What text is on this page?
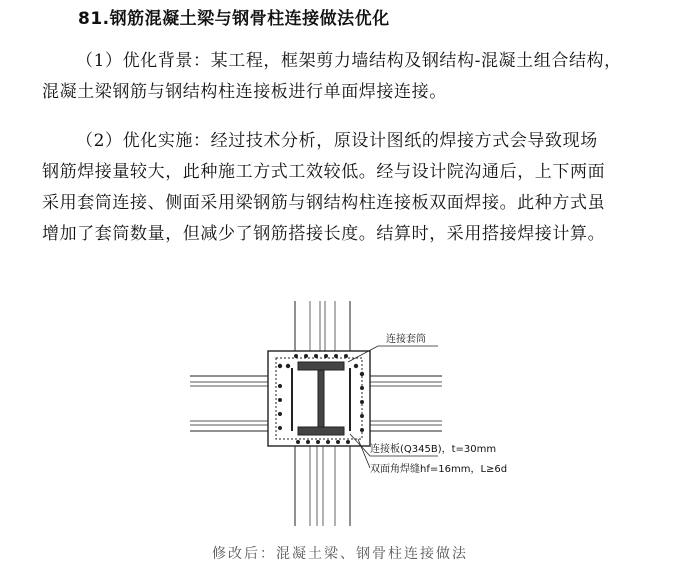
81.钢筋混凝土梁与钢骨柱连接做法优化
（1）优化背景：某工程，框架剪力墙结构及钢结构-混凝土组合结构，
混凝土梁钢筋与钢结构柱连接板进行单面焊接连接。
（2）优化实施：经过技术分析，原设计图纸的焊接方式会导致现场
钢筋焊接量较大，此种施工方式工效较低。经与设计院沟通后，上下两面
采用套筒连接、侧面采用梁钢筋与钢结构柱连接板双面焊接。此种方式虽
增加了套筒数量，但减少了钢筋搭接长度。结算时，采用搭接焊接计算。
连接套筒
连接板(Q345B)，t=30mm
双面角焊缝hf=16mm，L≥6d
修改后：混凝土梁、钢骨柱连接做法
